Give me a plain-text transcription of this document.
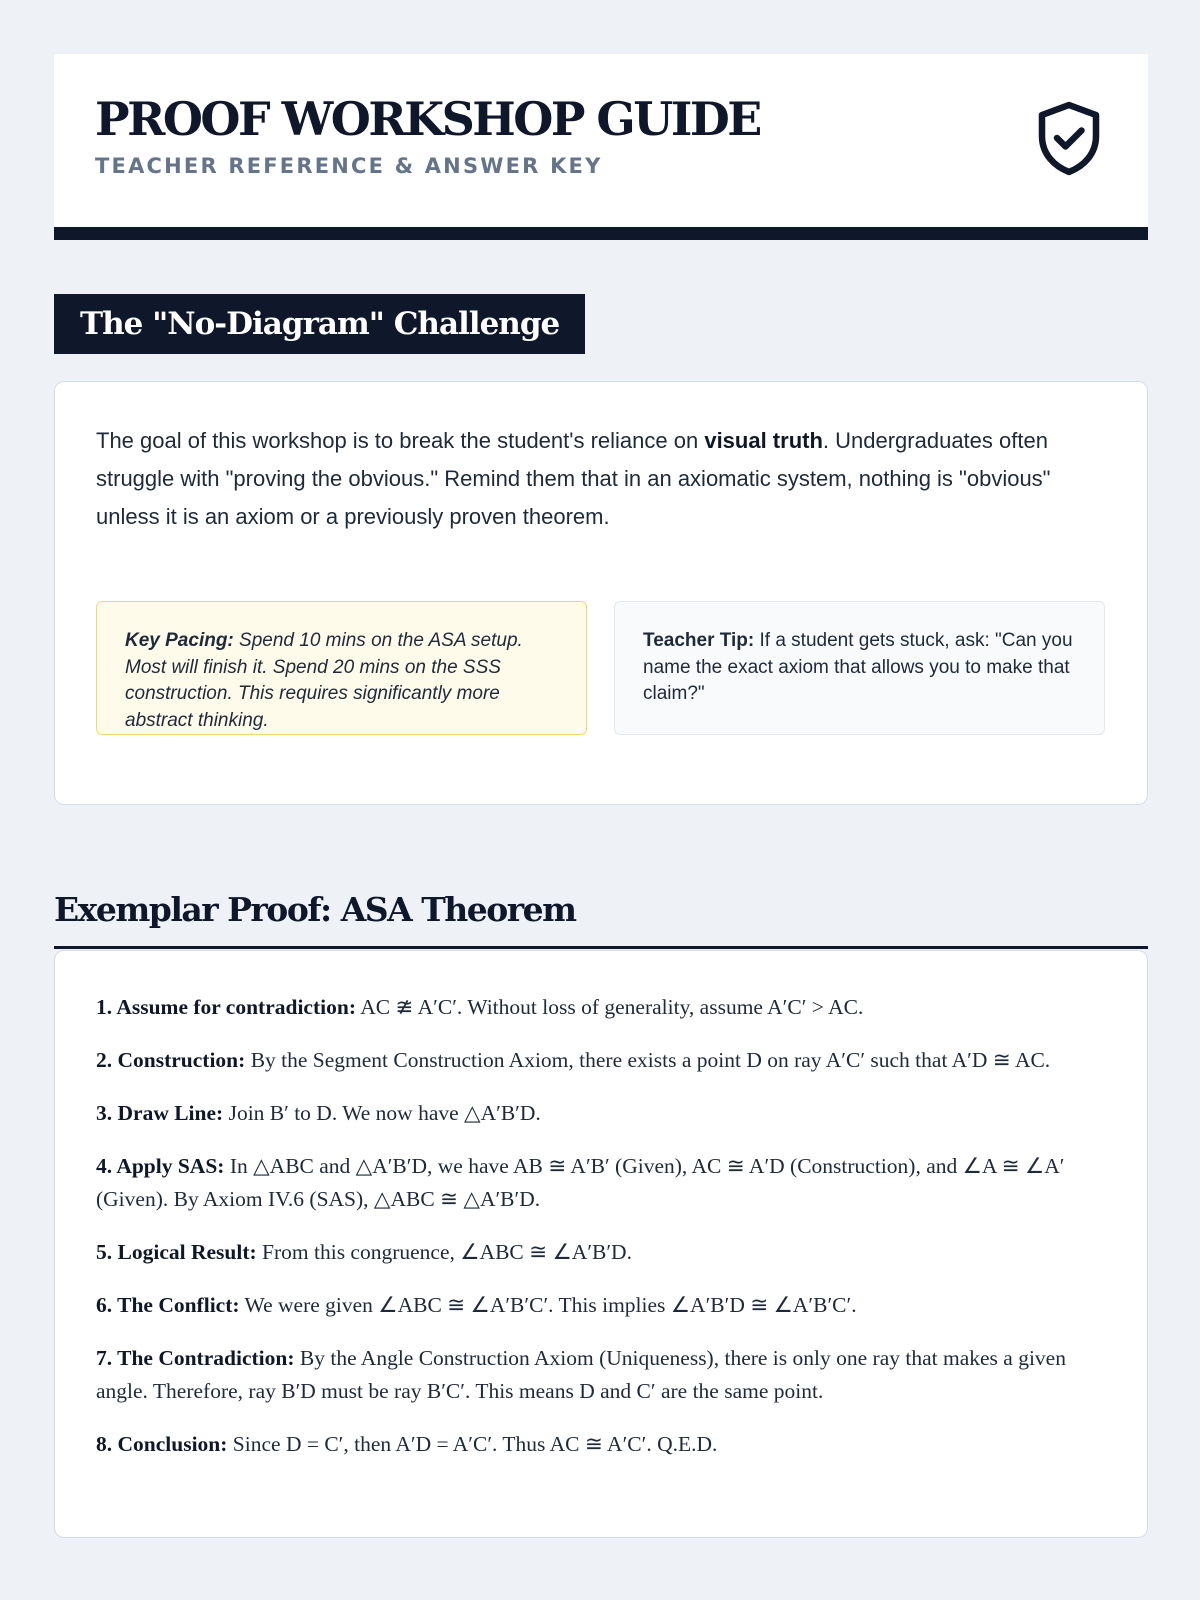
PROOF WORKSHOP GUIDE
TEACHER REFERENCE & ANSWER KEY
The "No-Diagram" Challenge

The goal of this workshop is to break the student's reliance on visual truth. Undergraduates often struggle with "proving the obvious." Remind them that in an axiomatic system, nothing is "obvious" unless it is an axiom or a previously proven theorem.

Key Pacing: Spend 10 mins on the ASA setup. Most will finish it. Spend 20 mins on the SSS construction. This requires significantly more abstract thinking.
Teacher Tip: If a student gets stuck, ask: "Can you name the exact axiom that allows you to make that claim?"
Exemplar Proof: ASA Theorem
1. Assume for contradiction: AC ≇ A′C′. Without loss of generality, assume A′C′ > AC.
2. Construction: By the Segment Construction Axiom, there exists a point D on ray A′C′ such that A′D ≅ AC.
3. Draw Line: Join B′ to D. We now have △A′B′D.
4. Apply SAS: In △ABC and △A′B′D, we have AB ≅ A′B′ (Given), AC ≅ A′D (Construction), and ∠A ≅ ∠A′ (Given). By Axiom IV.6 (SAS), △ABC ≅ △A′B′D.
5. Logical Result: From this congruence, ∠ABC ≅ ∠A′B′D.
6. The Conflict: We were given ∠ABC ≅ ∠A′B′C′. This implies ∠A′B′D ≅ ∠A′B′C′.
7. The Contradiction: By the Angle Construction Axiom (Uniqueness), there is only one ray that makes a given angle. Therefore, ray B′D must be ray B′C′. This means D and C′ are the same point.
8. Conclusion: Since D = C′, then A′D = A′C′. Thus AC ≅ A′C′. Q.E.D.
